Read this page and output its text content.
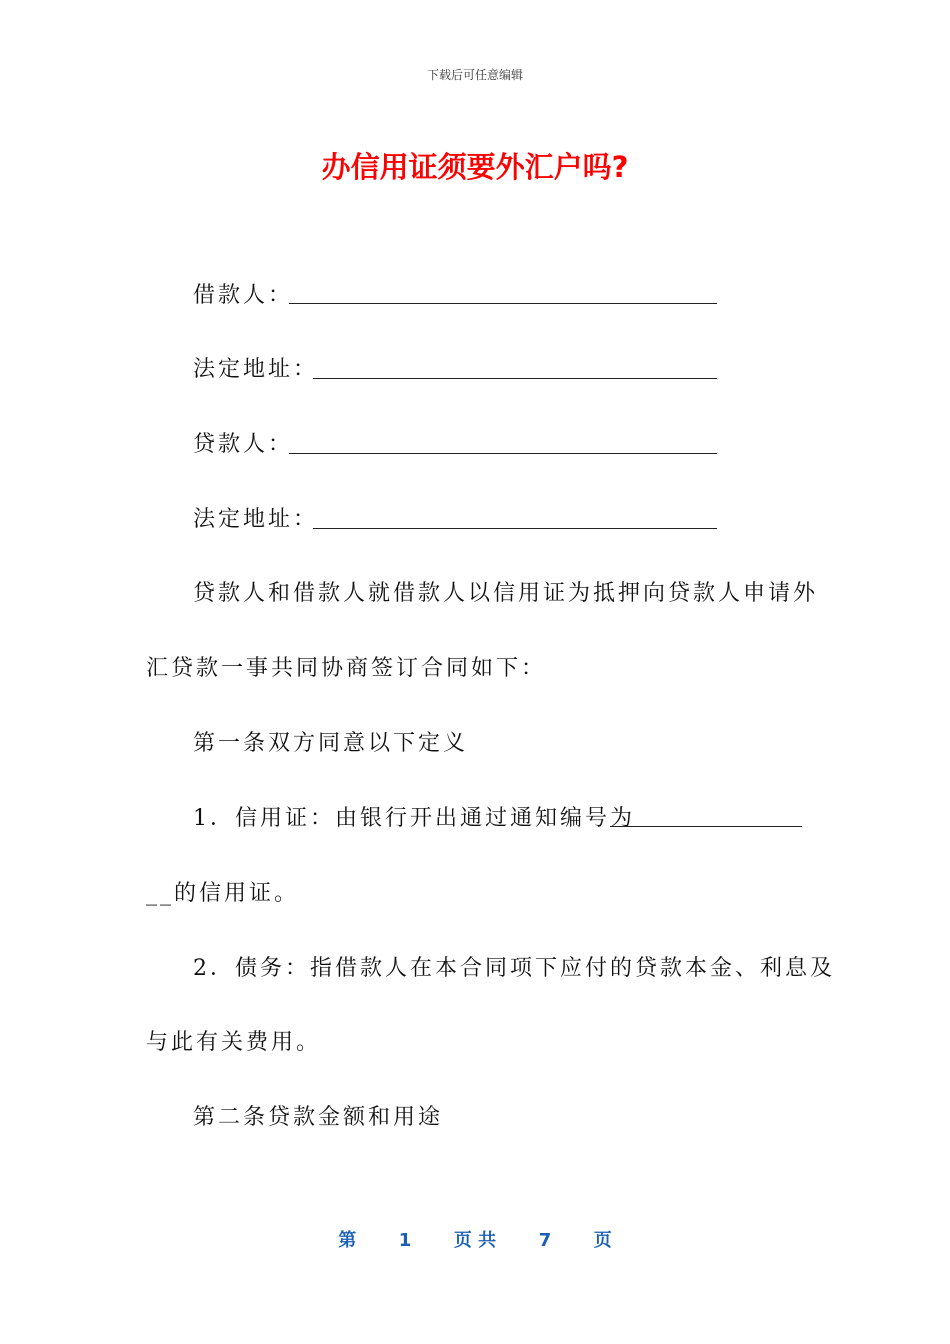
下载后可任意编辑
办信用证须要外汇户吗?
借款人：
法定地址：
贷款人：
法定地址：
贷款人和借款人就借款人以信用证为抵押向贷款人申请外
汇贷款一事共同协商签订合同如下：
第一条双方同意以下定义
1．信用证：由银行开出通过通知编号为
__的信用证。
2．债务：指借款人在本合同项下应付的贷款本金、利息及
与此有关费用。
第二条贷款金额和用途
第 1 页 共 7 页
